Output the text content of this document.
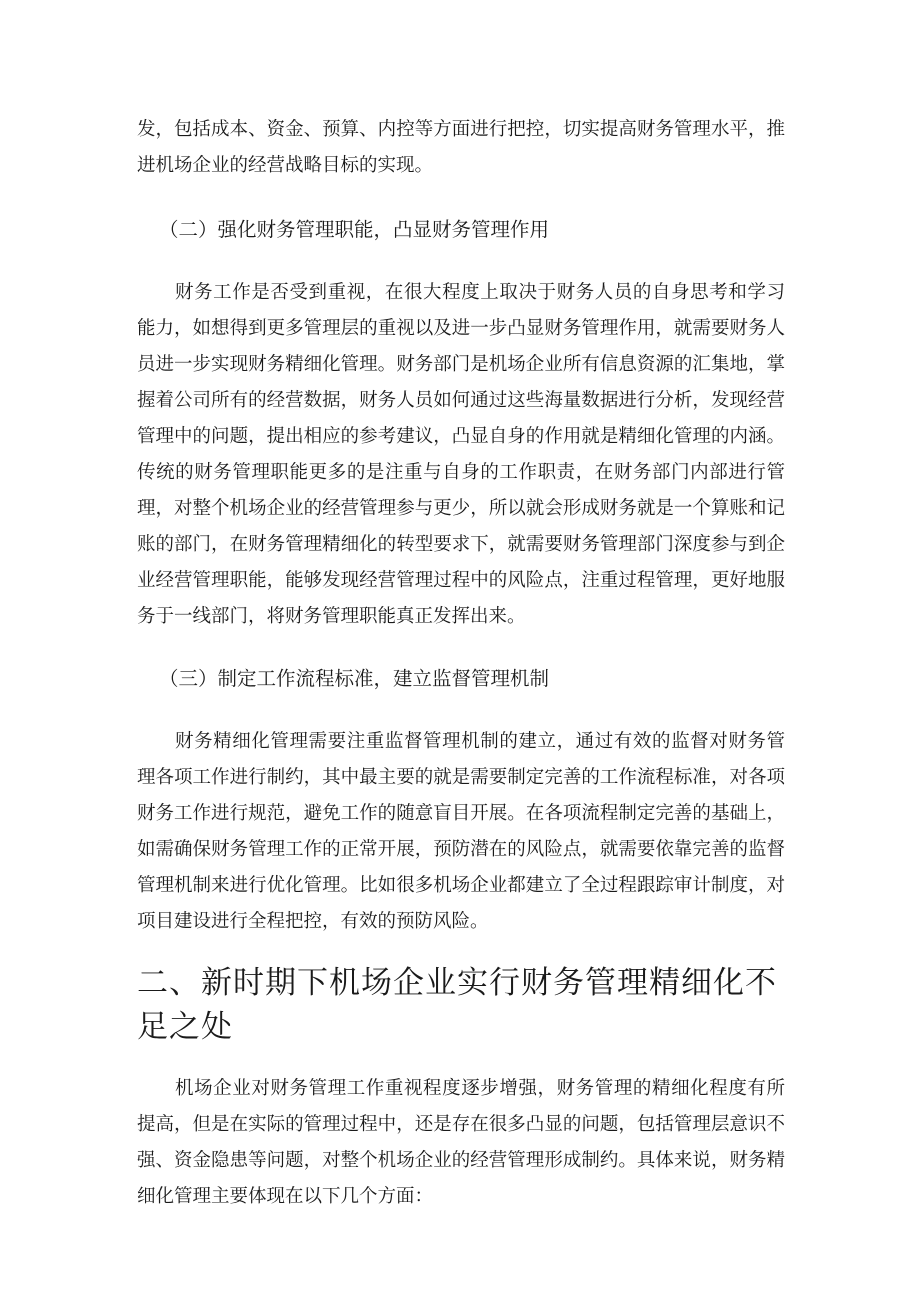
发，包括成本、资金、预算、内控等方面进行把控，切实提高财务管理水平，推进机场企业的经营战略目标的实现。

（二）强化财务管理职能，凸显财务管理作用

财务工作是否受到重视，在很大程度上取决于财务人员的自身思考和学习能力，如想得到更多管理层的重视以及进一步凸显财务管理作用，就需要财务人员进一步实现财务精细化管理。财务部门是机场企业所有信息资源的汇集地，掌握着公司所有的经营数据，财务人员如何通过这些海量数据进行分析，发现经营管理中的问题，提出相应的参考建议，凸显自身的作用就是精细化管理的内涵。传统的财务管理职能更多的是注重与自身的工作职责，在财务部门内部进行管理，对整个机场企业的经营管理参与更少，所以就会形成财务就是一个算账和记账的部门，在财务管理精细化的转型要求下，就需要财务管理部门深度参与到企业经营管理职能，能够发现经营管理过程中的风险点，注重过程管理，更好地服务于一线部门，将财务管理职能真正发挥出来。

（三）制定工作流程标准，建立监督管理机制

财务精细化管理需要注重监督管理机制的建立，通过有效的监督对财务管理各项工作进行制约，其中最主要的就是需要制定完善的工作流程标准，对各项财务工作进行规范，避免工作的随意盲目开展。在各项流程制定完善的基础上，如需确保财务管理工作的正常开展，预防潜在的风险点，就需要依靠完善的监督管理机制来进行优化管理。比如很多机场企业都建立了全过程跟踪审计制度，对项目建设进行全程把控，有效的预防风险。

二、新时期下机场企业实行财务管理精细化不足之处

机场企业对财务管理工作重视程度逐步增强，财务管理的精细化程度有所提高，但是在实际的管理过程中，还是存在很多凸显的问题，包括管理层意识不强、资金隐患等问题，对整个机场企业的经营管理形成制约。具体来说，财务精细化管理主要体现在以下几个方面：
